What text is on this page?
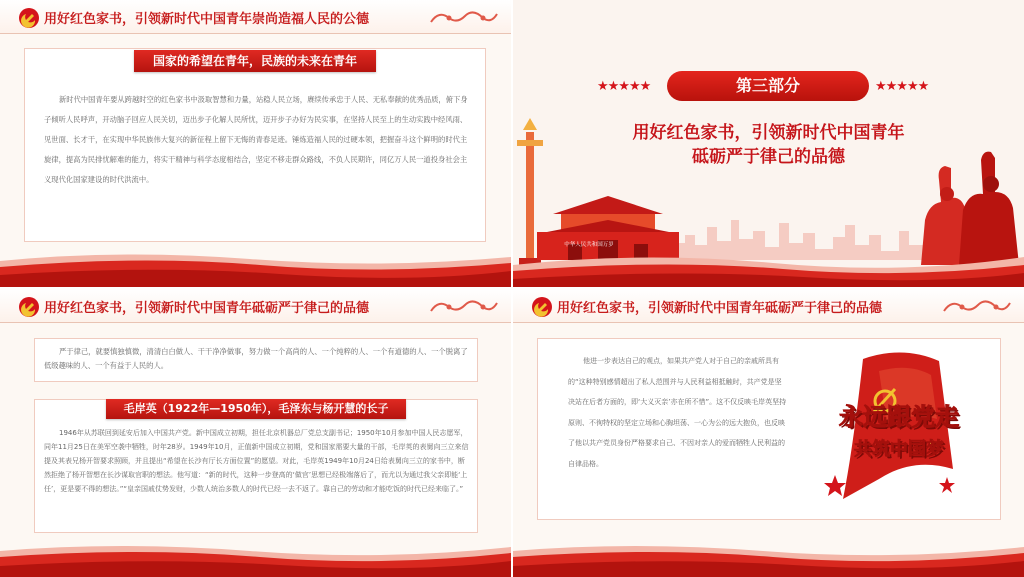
用好红色家书，引领新时代中国青年崇尚造福人民的公德
国家的希望在青年，民族的未来在青年
新时代中国青年要从跨越时空的红色家书中汲取智慧和力量，站稳人民立场，赓续传承忠于人民、无私奉献的优秀品质，俯下身子倾听人民呼声，开动脑子回应人民关切，迈出步子化解人民所忧，迈开步子办好为民实事，在坚持人民至上的生动实践中经风雨、见世面、长才干，在实现中华民族伟大复兴的新征程上留下无悔的青春足迹。锤炼造福人民的过硬本领，把握奋斗这个鲜明的时代主旋律，提高为民排忧解难的能力，将实干精神与科学态度相结合，坚定不移走群众路线，不负人民期许，同亿万人民一道投身社会主义现代化国家建设的时代洪流中。
★★★★★	第三部分	★★★★★
用好红色家书，引领新时代中国青年
砥砺严于律己的品德
中华人民共和国万岁
用好红色家书，引领新时代中国青年砥砺严于律己的品德
严于律己，就要慎独慎微，清清白白做人、干干净净做事，努力做一个高尚的人、一个纯粹的人、一个有道德的人、一个脱离了低级趣味的人、一个有益于人民的人。
毛岸英（1922年—1950年），毛泽东与杨开慧的长子
1946年从苏联回到延安后加入中国共产党。新中国成立初期，担任北京机器总厂党总支副书记；1950年10月参加中国人民志愿军，同年11月25日在美军空袭中牺牲，时年28岁。1949年10月，正值新中国成立初期，党和国家需要大量的干部，毛岸英的表舅向三立来信提及其表兄杨开智要求照顾，并且提出“希望在长沙有厅长方面位置”的愿望。对此，毛岸英1949年10月24日给表舅向三立的家书中，断然拒绝了杨开智想在长沙谋取官职的想法。他写道：“新的时代，这种一步登高的‘做官’思想已经极端落后了，而尤以为通过我父亲即能‘上任’，更是要不得的想法。”“皇亲国戚仗势发财，少数人统治多数人的时代已经一去不返了。靠自己的劳动和才能吃饭的时代已经来临了。”
用好红色家书，引领新时代中国青年砥砺严于律己的品德
他进一步表达自己的观点，如果共产党人对于自己的亲戚所具有的“这种特别感情超出了私人范围并与人民利益相抵触时，共产党是坚决站在后者方面的，即‘大义灭亲’亦在所不惜”。这不仅反映毛岸英坚持原则、不徇特权的坚定立场和心胸坦荡、一心为公的远大抱负，也反映了他以共产党员身份严格要求自己、不因对亲人的爱而牺牲人民利益的自律品格。
永远跟党走
共筑中国梦
